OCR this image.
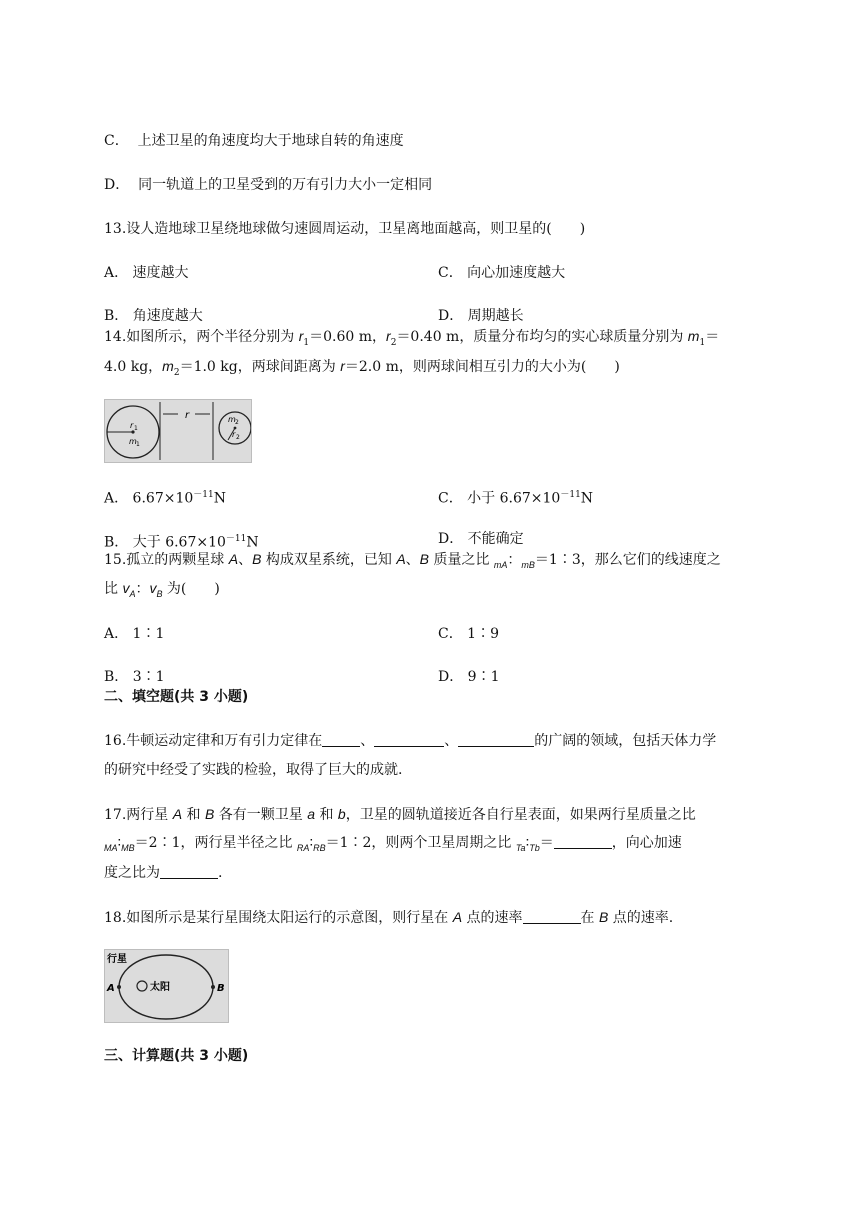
C． 上述卫星的角速度均大于地球自转的角速度
D． 同一轨道上的卫星受到的万有引力大小一定相同
13.设人造地球卫星绕地球做匀速圆周运动，卫星离地面越高，则卫星的(　　)
A． 速度越大	C． 向心加速度越大
B． 角速度越大	D． 周期越长
14.如图所示，两个半径分别为 $r_1=0.60$ m，$r_2=0.40$ m，质量分布均匀的实心球质量分别为 $m_1=$
4.0 kg，$m_2=1.0$ kg，两球间距离为 r＝2.0 m，则两球间相互引力的大小为(　　)
r
r 1
m 1
m 2
r 2
A． $6.67\times 10^{-11}N$	C． 小于 $6.67\times 10^{-11}N$
B． 大于 $6.67\times 10^{-11}N$	D． 不能确定
15.孤立的两颗星球 A、B 构成双星系统，已知 A、B 质量之比 $_{mA}$：$_{mB}$＝1∶3，那么它们的线速度之
比 $v_A$：$v_B$ 为(　　)
A． 1∶1	C． 1∶9
B． 3∶1	D． 9∶1
二、填空题(共 3 小题)
16.牛顿运动定律和万有引力定律在	、	、	的广阔的领域，包括天体力学
的研究中经受了实践的检验，取得了巨大的成就.
17.两行星 A 和 B 各有一颗卫星 a 和 b，卫星的圆轨道接近各自行星表面，如果两行星质量之比
$_{MA}∶_{MB}=2∶1$，两行星半径之比 $_{RA}∶_{RB}=1∶2$，则两个卫星周期之比 $_{Ta}∶_{Tb}=$	，向心加速
度之比为	.
18.如图所示是某行星围绕太阳运行的示意图，则行星在 A 点的速率	在 B 点的速率.
行星
太阳
A	B
三、计算题(共 3 小题)
